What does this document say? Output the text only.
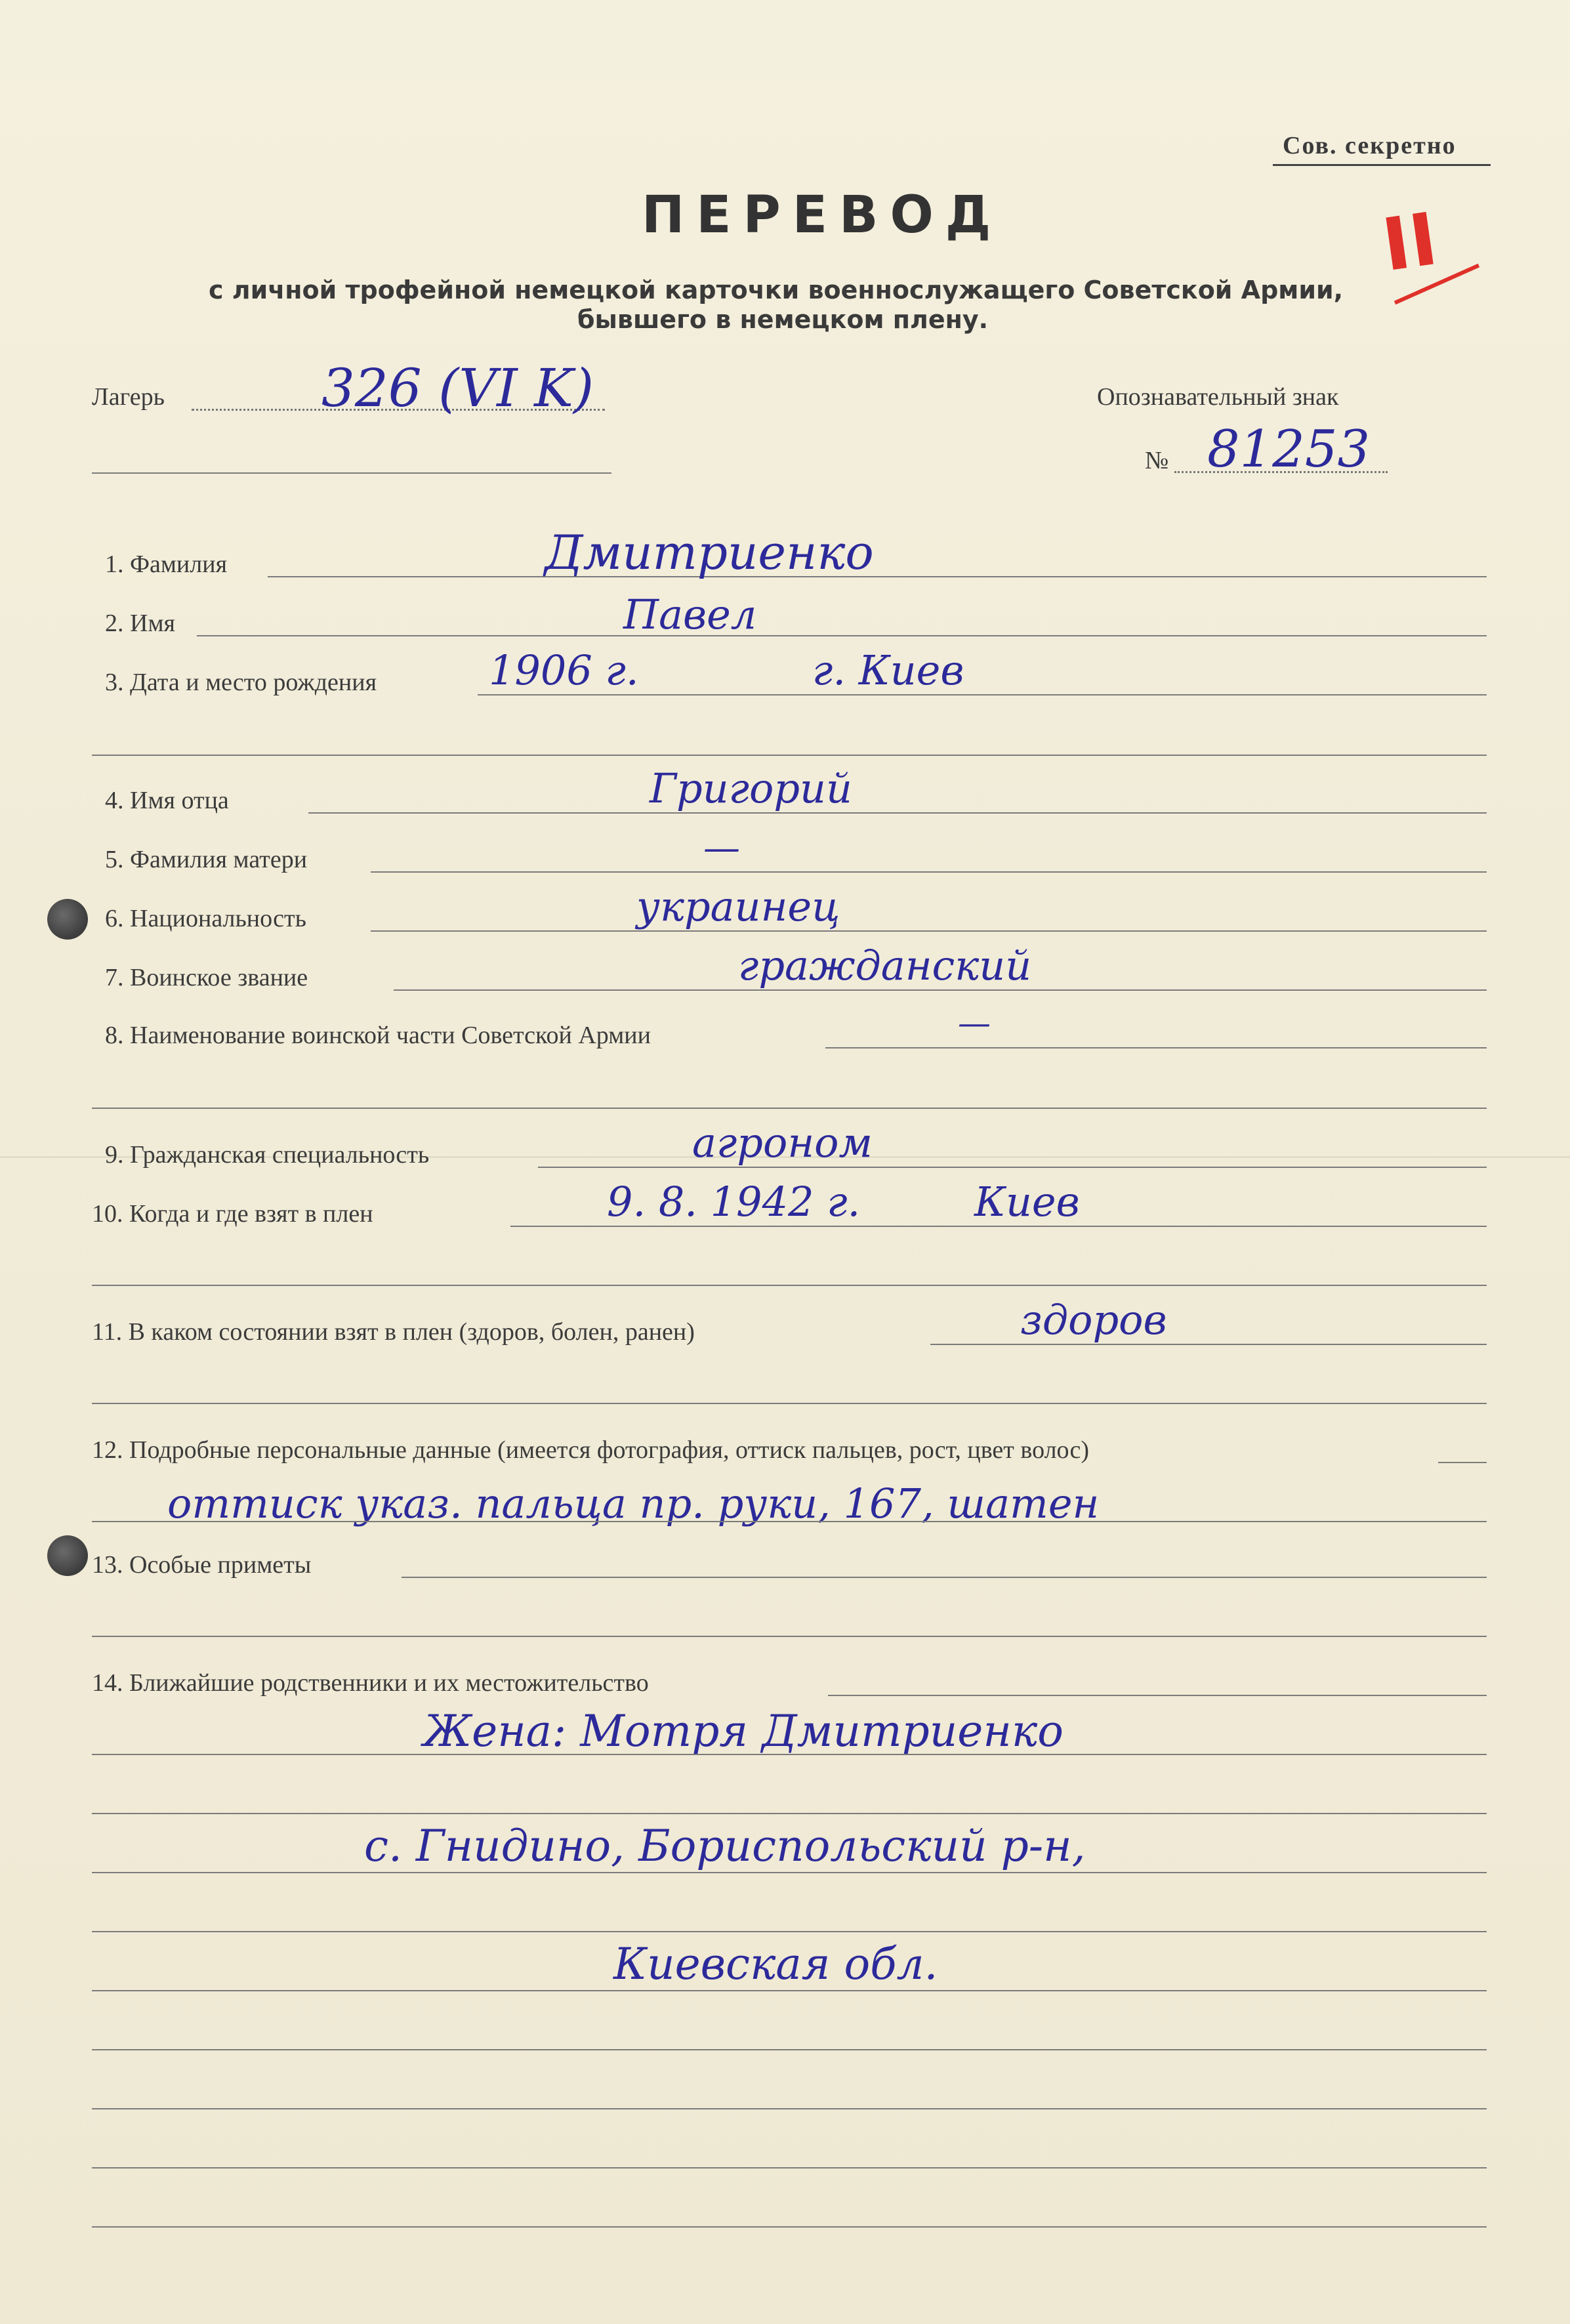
Сов. секретно
ПЕРЕВОД	II
с личной трофейной немецкой карточки военнослужащего Советской Армии,
бывшего в немецком плену.
Лагерь	326 (VI K)	Опознавательный знак
№ 81253
1. Фамилия	Дмитриенко
2. Имя	Павел
3. Дата и место рождения	1906 г.	г. Киев
4. Имя отца	Григорий
5. Фамилия матери	—
6. Национальность	украинец
7. Воинское звание	гражданский
8. Наименование воинской части Советской Армии	—
9. Гражданская специальность	агроном
10. Когда и где взят в плен	9. 8. 1942 г.	Киев
11. В каком состоянии взят в плен (здоров, болен, ранен)	здоров
12. Подробные персональные данные (имеется фотография, оттиск пальцев, рост, цвет волос)
оттиск указ. пальца пр. руки, 167, шатен
13. Особые приметы
14. Ближайшие родственники и их местожительство
Жена: Мотря Дмитриенко
с. Гнидино, Бориспольский р-н,
Киевская обл.
